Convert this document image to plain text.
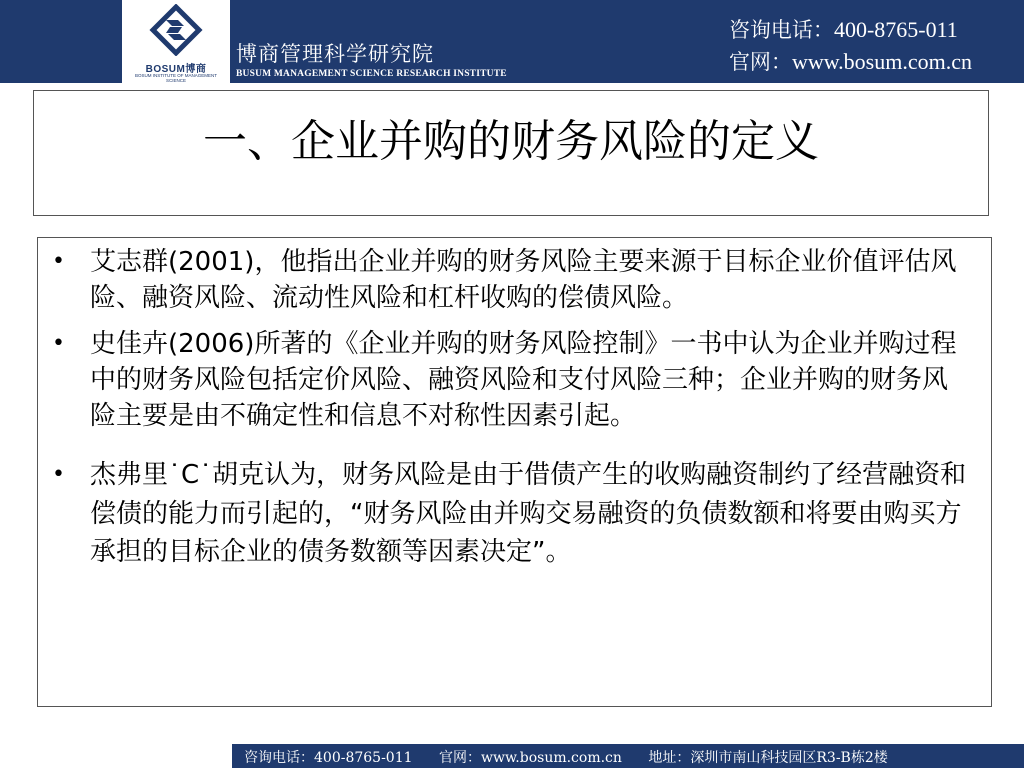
BOSUM博商
BOSUM INSTITUTE OF MANAGEMENT SCIENCE
博商管理科学研究院
BUSUM MANAGEMENT SCIENCE RESEARCH INSTITUTE
咨询电话：400-8765-011
官网：www.bosum.com.cn
一、企业并购的财务风险的定义
• 艾志群(2001)，他指出企业并购的财务风险主要来源于目标企业价值评估风险、融资风险、流动性风险和杠杆收购的偿债风险。
• 史佳卉(2006)所著的《企业并购的财务风险控制》一书中认为企业并购过程中的财务风险包括定价风险、融资风险和支付风险三种；企业并购的财务风险主要是由不确定性和信息不对称性因素引起。
• 杰弗里˙C˙胡克认为，财务风险是由于借债产生的收购融资制约了经营融资和偿债的能力而引起的，“财务风险由并购交易融资的负债数额和将要由购买方承担的目标企业的债务数额等因素决定”。
咨询电话：400-8765-011 官网：www.bosum.com.cn 地址：深圳市南山科技园区R3-B栋2楼
